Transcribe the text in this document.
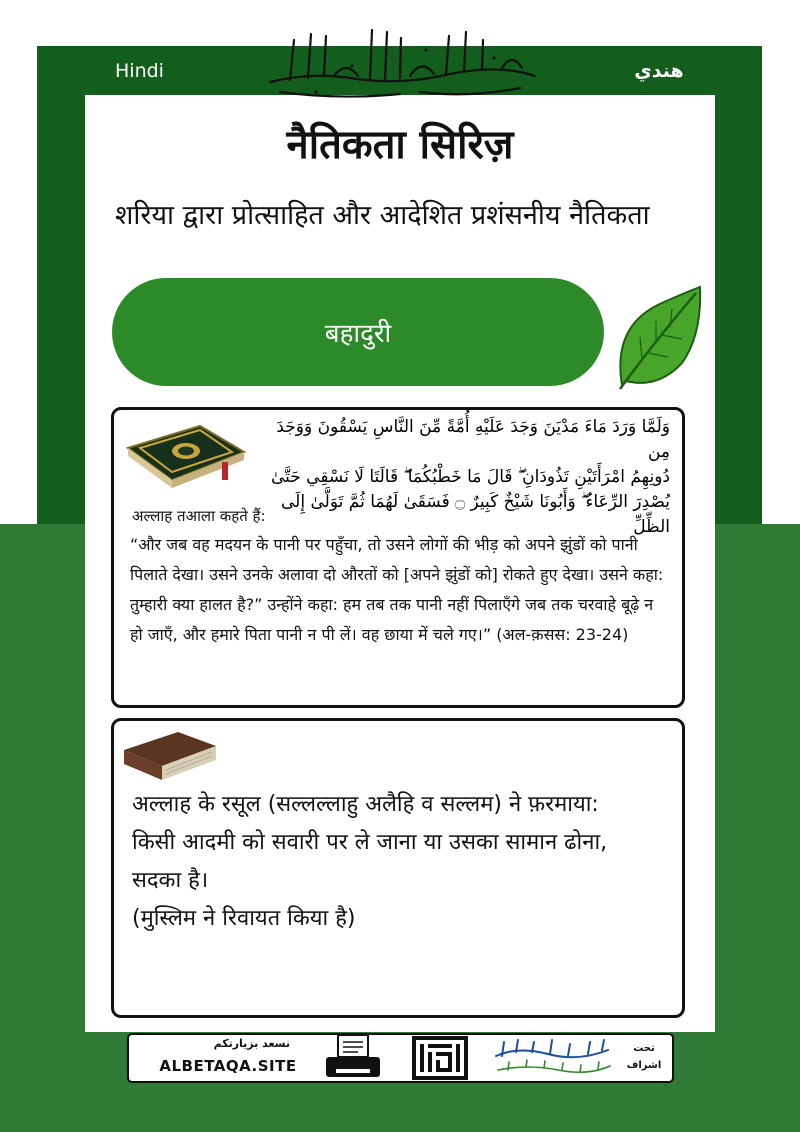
Hindi	هندي
नैतिकता सिरिज़
शरिया द्वारा प्रोत्साहित और आदेशित प्रशंसनीय नैतिकता
बहादुरी
وَلَمَّا وَرَدَ مَاءَ مَدْيَنَ وَجَدَ عَلَيْهِ أُمَّةً مِّنَ النَّاسِ يَسْقُونَ وَوَجَدَ مِن
دُونِهِمُ امْرَأَتَيْنِ تَذُودَانِ ۖ قَالَ مَا خَطْبُكُمَا ۖ قَالَتَا لَا نَسْقِي حَتَّىٰ
يُصْدِرَ الرِّعَاءُ ۖ وَأَبُونَا شَيْخٌ كَبِيرٌ ۝ فَسَقَىٰ لَهُمَا ثُمَّ تَوَلَّىٰ إِلَى الظِّلِّ
अल्लाह तआला कहते हैं:
“और जब वह मदयन के पानी पर पहुँचा, तो उसने लोगों की भीड़ को अपने झुंडों को पानी पिलाते देखा। उसने उनके अलावा दो औरतों को [अपने झुंडों को] रोकते हुए देखा। उसने कहा: तुम्हारी क्या हालत है?” उन्होंने कहा: हम तब तक पानी नहीं पिलाएँगे जब तक चरवाहे बूढ़े न हो जाएँ, और हमारे पिता पानी न पी लें। वह छाया में चले गए।” (अल-क़सस: 23-24)
अल्लाह के रसूल (सल्लल्लाहु अलैहि व सल्लम) ने फ़रमाया:
किसी आदमी को सवारी पर ले जाना या उसका सामान ढोना,
सदका है।
(मुस्लिम ने रिवायत किया है)
نسعد بزيارتكم
ALBETAQA.SITE
تحت
اشراف
